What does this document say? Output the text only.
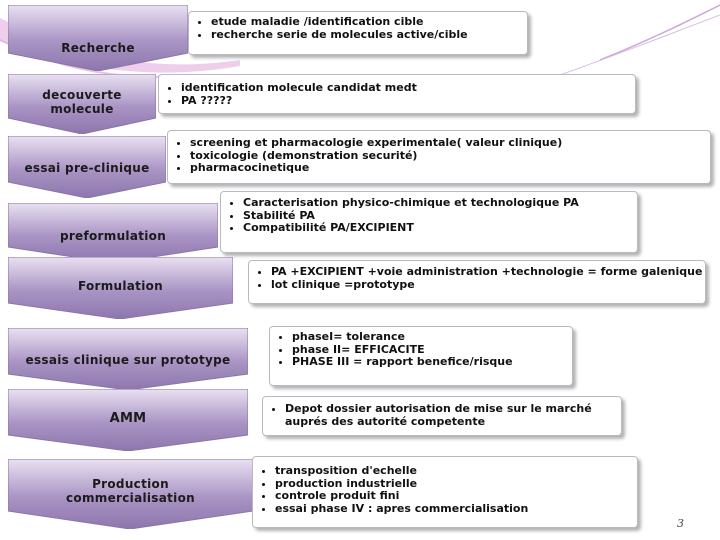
Recherche
• etude maladie /identification cible
• recherche serie de molecules active/cible
decouverte molecule
• identification molecule candidat medt
• PA ?????
essai pre-clinique
• screening et pharmacologie experimentale( valeur clinique)
• toxicologie (demonstration securité)
• pharmacocinetique
preformulation
• Caracterisation physico-chimique et technologique PA
• Stabilité PA
• Compatibilité PA/EXCIPIENT
Formulation
• PA +EXCIPIENT +voie administration +technologie = forme galenique
• lot clinique =prototype
essais clinique sur prototype
• phaseI= tolerance
• phase II= EFFICACITE
• PHASE III = rapport benefice/risque
AMM
• Depot dossier autorisation de mise sur le marché auprés des autorité competente
Production commercialisation
• transposition d'echelle
• production industrielle
• controle produit fini
• essai phase IV : apres commercialisation
3
